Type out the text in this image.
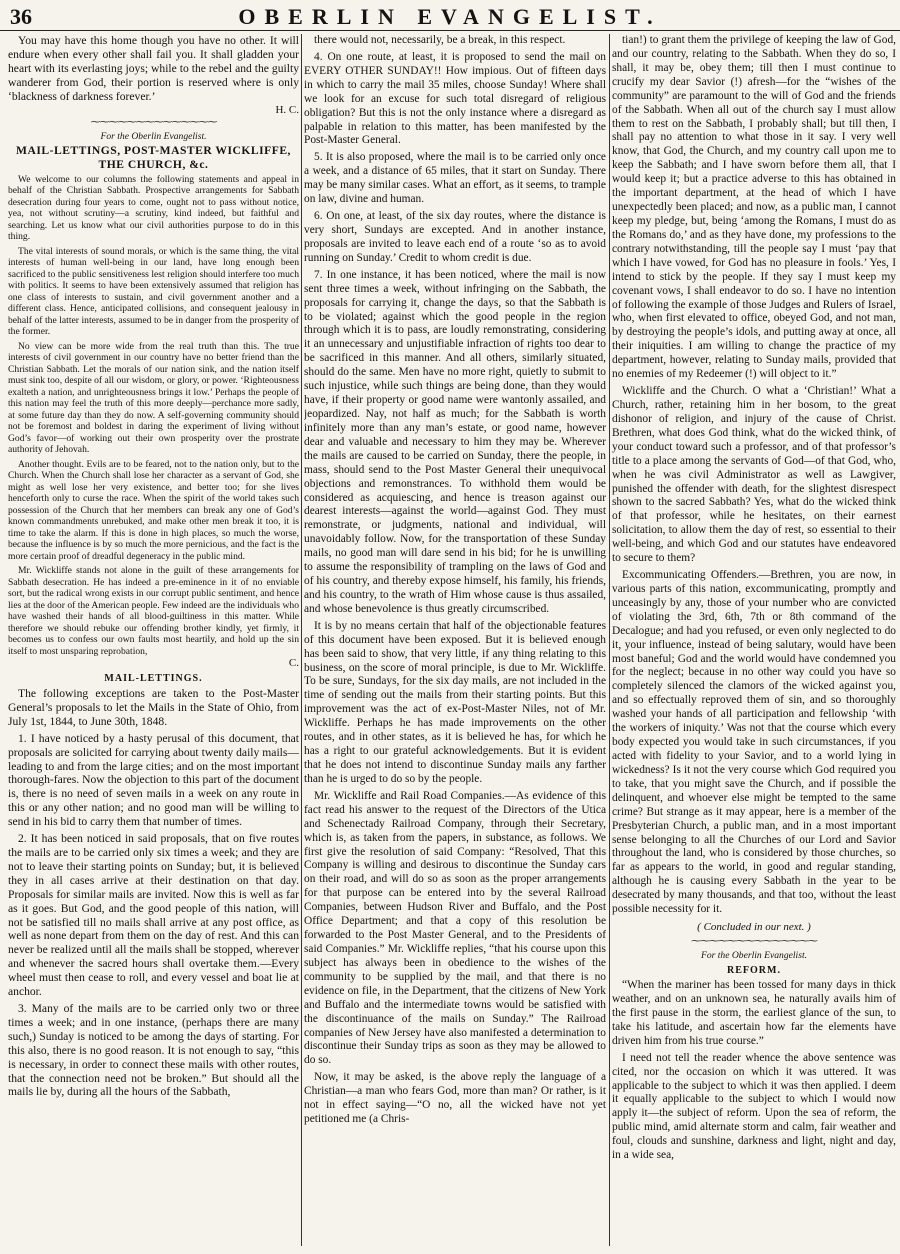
36	OBERLIN EVANGELIST.

You may have this home though you have no other. It will endure when every other shall fail you. It shall gladden your heart with its everlasting joys; while to the rebel and the guilty wanderer from God, their portion is reserved where is only ‘blackness of darkness forever.’

H. C.
⁓⁓⁓⁓⁓⁓⁓⁓⁓⁓⁓⁓⁓⁓
For the Oberlin Evangelist.
MAIL-LETTINGS, POST-MASTER WICKLIFFE, THE CHURCH, &c.

We welcome to our columns the following statements and appeal in behalf of the Christian Sabbath. Prospective arrangements for Sabbath desecration during four years to come, ought not to pass without notice, yea, not without scrutiny—a scrutiny, kind indeed, but faithful and searching. Let us know what our civil authorities purpose to do in this thing.

The vital interests of sound morals, or which is the same thing, the vital interests of human well-being in our land, have long enough been sacrificed to the public sensitiveness lest religion should interfere too much with politics. It seems to have been extensively assumed that religion has one class of interests to sustain, and civil government another and a different class. Hence, anticipated collisions, and consequent jealousy in behalf of the latter interests, assumed to be in danger from the prosperity of the former.

No view can be more wide from the real truth than this. The true interests of civil government in our country have no better friend than the Christian Sabbath. Let the morals of our nation sink, and the nation itself must sink too, despite of all our wisdom, or glory, or power. ‘Righteousness exalteth a nation, and unrighteousness brings it low.’ Perhaps the people of this nation may feel the truth of this more deeply—perchance more sadly, at some future day than they do now. A self-governing community should not be foremost and boldest in daring the experiment of living without God’s favor—of working out their own prosperity over the prostrate authority of Jehovah.

Another thought. Evils are to be feared, not to the nation only, but to the Church. When the Church shall lose her character as a servant of God, she might as well lose her very existence, and better too; for she lives henceforth only to curse the race. When the spirit of the world takes such possession of the Church that her members can break any one of God’s known commandments unrebuked, and make other men break it too, it is time to take the alarm. If this is done in high places, so much the worse, because the influence is by so much the more pernicious, and the fact is the more certain proof of dreadful degeneracy in the public mind.

Mr. Wickliffe stands not alone in the guilt of these arrangements for Sabbath desecration. He has indeed a pre-eminence in it of no enviable sort, but the radical wrong exists in our corrupt public sentiment, and hence lies at the door of the American people. Few indeed are the individuals who have washed their hands of all blood-guiltiness in this matter. While therefore we should rebuke our offending brother kindly, yet firmly, it becomes us to confess our own faults most heartily, and hold up the sin itself to most unsparing reprobation,

C.
MAIL-LETTINGS.

The following exceptions are taken to the Post-Master General’s proposals to let the Mails in the State of Ohio, from July 1st, 1844, to June 30th, 1848.

1. I have noticed by a hasty perusal of this document, that proposals are solicited for carrying about twenty daily mails—leading to and from the large cities; and on the most important thorough-fares. Now the objection to this part of the document is, there is no need of seven mails in a week on any route in this or any other nation; and no good man will be willing to send in his bid to carry them that number of times.

2. It has been noticed in said proposals, that on five routes the mails are to be carried only six times a week; and they are not to leave their starting points on Sunday; but, it is believed they in all cases arrive at their destination on that day. Proposals for similar mails are invited. Now this is well as far as it goes. But God, and the good people of this nation, will not be satisfied till no mails shall arrive at any post office, as well as none depart from them on the day of rest. And this can never be realized until all the mails shall be stopped, wherever and whenever the sacred hours shall overtake them.—Every wheel must then cease to roll, and every vessel and boat lie at anchor.

3. Many of the mails are to be carried only two or three times a week; and in one instance, (perhaps there are many such,) Sunday is noticed to be among the days of starting. For this also, there is no good reason. It is not enough to say, “this is necessary, in order to connect these mails with other routes, that the connection need not be broken.” But should all the mails lie by, during all the hours of the Sabbath,

there would not, necessarily, be a break, in this respect.

4. On one route, at least, it is proposed to send the mail on EVERY OTHER SUNDAY!! How impious. Out of fifteen days in which to carry the mail 35 miles, choose Sunday! Where shall we look for an excuse for such total disregard of religious obligation? But this is not the only instance where a disregard as palpable in relation to this matter, has been manifested by the Post-Master General.

5. It is also proposed, where the mail is to be carried only once a week, and a distance of 65 miles, that it start on Sunday. There may be many similar cases. What an effort, as it seems, to trample on law, divine and human.

6. On one, at least, of the six day routes, where the distance is very short, Sundays are excepted. And in another instance, proposals are invited to leave each end of a route ‘so as to avoid running on Sunday.’ Credit to whom credit is due.

7. In one instance, it has been noticed, where the mail is now sent three times a week, without infringing on the Sabbath, the proposals for carrying it, change the days, so that the Sabbath is to be violated; against which the good people in the region through which it is to pass, are loudly remonstrating, considering it an unnecessary and unjustifiable infraction of rights too dear to be sacrificed in this manner. And all others, similarly situated, should do the same. Men have no more right, quietly to submit to such injustice, while such things are being done, than they would have, if their property or good name were wantonly assailed, and jeopardized. Nay, not half as much; for the Sabbath is worth infinitely more than any man’s estate, or good name, however dear and valuable and necessary to him they may be. Wherever the mails are caused to be carried on Sunday, there the people, in mass, should send to the Post Master General their unequivocal objections and remonstrances. To withhold them would be considered as acquiescing, and hence is treason against our dearest interests—against the world—against God. They must remonstrate, or judgments, national and individual, will unavoidably follow. Now, for the transportation of these Sunday mails, no good man will dare send in his bid; for he is unwilling to assume the responsibility of trampling on the laws of God and of his country, and thereby expose himself, his family, his friends, and his country, to the wrath of Him whose cause is thus assailed, and whose benevolence is thus greatly circumscribed.

It is by no means certain that half of the objectionable features of this document have been exposed. But it is believed enough has been said to show, that very little, if any thing relating to this business, on the score of moral principle, is due to Mr. Wickliffe. To be sure, Sundays, for the six day mails, are not included in the time of sending out the mails from their starting points. But this improvement was the act of ex-Post-Master Niles, not of Mr. Wickliffe. Perhaps he has made improvements on the other routes, and in other states, as it is believed he has, for which he has a right to our grateful acknowledgements. But it is evident that he does not intend to discontinue Sunday mails any farther than he is urged to do so by the people.

Mr. Wickliffe and Rail Road Companies.—As evidence of this fact read his answer to the request of the Directors of the Utica and Schenectady Railroad Company, through their Secretary, which is, as taken from the papers, in substance, as follows. We first give the resolution of said Company: “Resolved, That this Company is willing and desirous to discontinue the Sunday cars on their road, and will do so as soon as the proper arrangements for that purpose can be entered into by the several Railroad Companies, between Hudson River and Buffalo, and the Post Office Department; and that a copy of this resolution be forwarded to the Post Master General, and to the Presidents of said Companies.” Mr. Wickliffe replies, “that his course upon this subject has always been in obedience to the wishes of the community to be supplied by the mail, and that there is no evidence on file, in the Department, that the citizens of New York and Buffalo and the intermediate towns would be satisfied with the discontinuance of the mails on Sunday.” The Railroad companies of New Jersey have also manifested a determination to discontinue their Sunday trips as soon as they may be allowed to do so.

Now, it may be asked, is the above reply the language of a Christian—a man who fears God, more than man? Or rather, is it not in effect saying—“O no, all the wicked have not yet petitioned me (a Chris-

tian!) to grant them the privilege of keeping the law of God, and our country, relating to the Sabbath. When they do so, I shall, it may be, obey them; till then I must continue to crucify my dear Savior (!) afresh—for the “wishes of the community” are paramount to the will of God and the friends of the Sabbath. When all out of the church say I must allow them to rest on the Sabbath, I probably shall; but till then, I shall pay no attention to what those in it say. I very well know, that God, the Church, and my country call upon me to keep the Sabbath; and I have sworn before them all, that I would keep it; but a practice adverse to this has obtained in the important department, at the head of which I have unexpectedly been placed; and now, as a public man, I cannot keep my pledge, but, being ‘among the Romans, I must do as the Romans do,’ and as they have done, my professions to the contrary notwithstanding, till the people say I must ‘pay that which I have vowed, for God has no pleasure in fools.’ Yes, I intend to stick by the people. If they say I must keep my covenant vows, I shall endeavor to do so. I have no intention of following the example of those Judges and Rulers of Israel, who, when first elevated to office, obeyed God, and not man, by destroying the people’s idols, and putting away at once, all their iniquities. I am willing to change the practice of my department, however, relating to Sunday mails, provided that no enemies of my Redeemer (!) will object to it.”

Wickliffe and the Church. O what a ‘Christian!’ What a Church, rather, retaining him in her bosom, to the great dishonor of religion, and injury of the cause of Christ. Brethren, what does God think, what do the wicked think, of your conduct toward such a professor, and of that professor’s title to a place among the servants of God—of that God, who, when he was civil Administrator as well as Lawgiver, punished the offender with death, for the slightest disrespect shown to the sacred Sabbath? Yes, what do the wicked think of that professor, while he hesitates, on their earnest solicitation, to allow them the day of rest, so essential to their well-being, and which God and our statutes have endeavored to secure to them?

Excommunicating Offenders.—Brethren, you are now, in various parts of this nation, excommunicating, promptly and unceasingly by any, those of your number who are convicted of violating the 3rd, 6th, 7th or 8th command of the Decalogue; and had you refused, or even only neglected to do it, your influence, instead of being salutary, would have been most baneful; God and the world would have condemned you for the neglect; because in no other way could you have so completely silenced the clamors of the wicked against you, and so effectually reproved them of sin, and so thoroughly washed your hands of all participation and fellowship ‘with the workers of iniquity.’ Was not that the course which every body expected you would take in such circumstances, if you acted with fidelity to your Savior, and to a world lying in wickedness? Is it not the very course which God required you to take, that you might save the Church, and if possible the delinquent, and whoever else might be tempted to the same crime? But strange as it may appear, here is a member of the Presbyterian Church, a public man, and in a most important sense belonging to all the Churches of our Lord and Savior throughout the land, who is considered by those churches, so far as appears to the world, in good and regular standing, although he is causing every Sabbath in the year to be desecrated by many thousands, and that too, without the least possible necessity for it.

( Concluded in our next. )
⁓⁓⁓⁓⁓⁓⁓⁓⁓⁓⁓⁓⁓⁓
For the Oberlin Evangelist.
REFORM.

“When the mariner has been tossed for many days in thick weather, and on an unknown sea, he naturally avails him of the first pause in the storm, the earliest glance of the sun, to take his latitude, and ascertain how far the elements have driven him from his true course.”

I need not tell the reader whence the above sentence was cited, nor the occasion on which it was uttered. It was applicable to the subject to which it was then applied. I deem it equally applicable to the subject to which I would now apply it—the subject of reform. Upon the sea of reform, the public mind, amid alternate storm and calm, fair weather and foul, clouds and sunshine, darkness and light, night and day, in a wide sea,
